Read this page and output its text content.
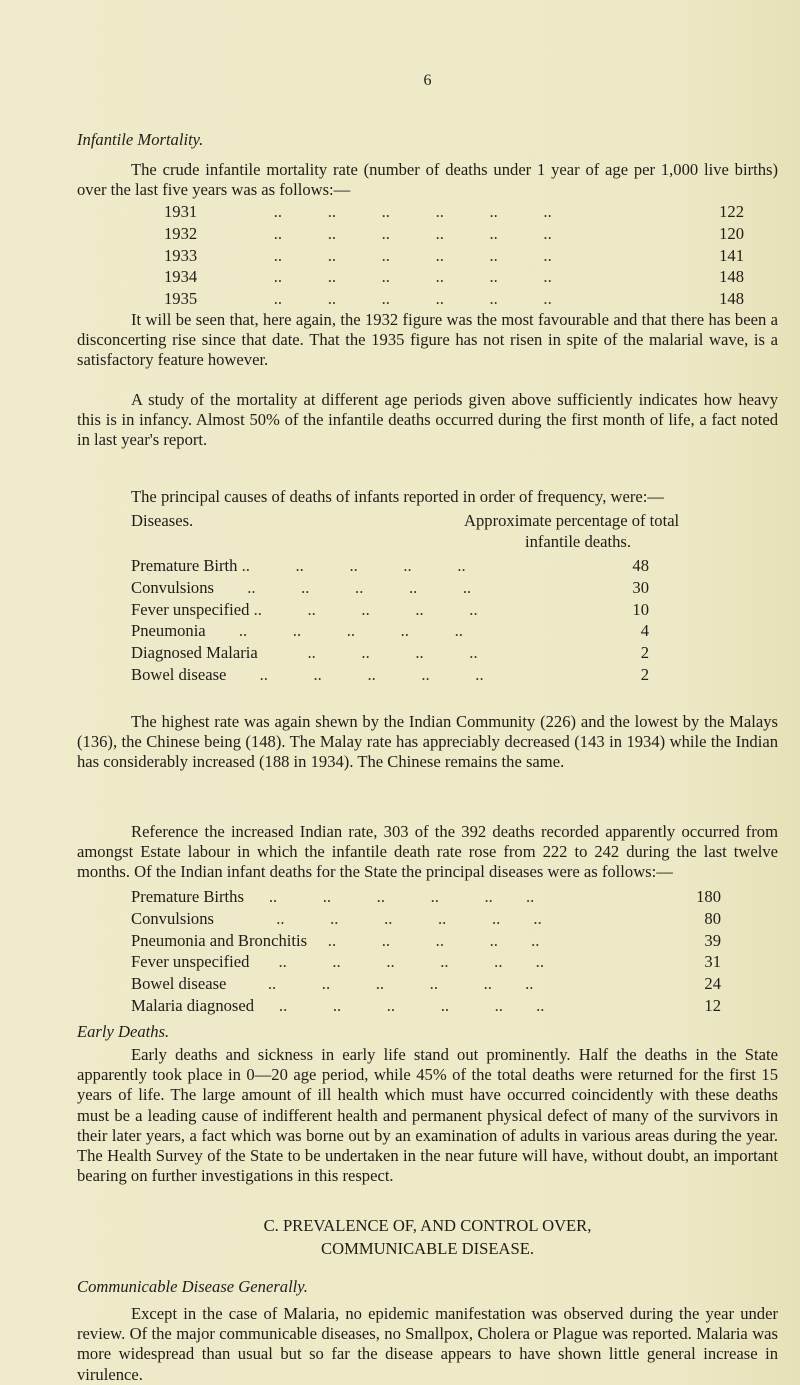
6
Infantile Mortality.

The crude infantile mortality rate (number of deaths under 1 year of age per 1,000 live births) over the last five years was as follows:—

1931	..           ..           ..           ..           ..           ..	122
1932	..           ..           ..           ..           ..           ..	120
1933	..           ..           ..           ..           ..           ..	141
1934	..           ..           ..           ..           ..           ..	148
1935	..           ..           ..           ..           ..           ..	148

It will be seen that, here again, the 1932 figure was the most favourable and that there has been a disconcerting rise since that date. That the 1935 figure has not risen in spite of the malarial wave, is a satisfactory feature however.

A study of the mortality at different age periods given above sufficiently indicates how heavy this is in infancy. Almost 50% of the infantile deaths occurred during the first month of life, a fact noted in last year's report.

The principal causes of deaths of infants reported in order of frequency, were:—

Diseases.	Approximate percentage of total
infantile deaths.
Premature Birth ..           ..           ..           ..           ..	48
Convulsions ..           ..           ..           ..           ..	30
Fever unspecified ..           ..           ..           ..           ..	10
Pneumonia ..           ..           ..           ..           ..	4
Diagnosed Malaria ..           ..           ..           ..	2
Bowel disease ..           ..           ..           ..           ..	2

The highest rate was again shewn by the Indian Community (226) and the lowest by the Malays (136), the Chinese being (148). The Malay rate has appreciably decreased (143 in 1934) while the Indian has considerably increased (188 in 1934). The Chinese remains the same.

Reference the increased Indian rate, 303 of the 392 deaths recorded apparently occurred from amongst Estate labour in which the infantile death rate rose from 222 to 242 during the last twelve months. Of the Indian infant deaths for the State the principal diseases were as follows:—

Premature Births ..           ..           ..           ..           ..        ..	180
Convulsions ..           ..           ..           ..           ..        ..	80
Pneumonia and Bronchitis ..           ..           ..           ..        ..	39
Fever unspecified ..           ..           ..           ..           ..        ..	31
Bowel disease ..           ..           ..           ..           ..        ..	24
Malaria diagnosed ..           ..           ..           ..           ..        ..	12
Early Deaths.

Early deaths and sickness in early life stand out prominently. Half the deaths in the State apparently took place in 0—20 age period, while 45% of the total deaths were returned for the first 15 years of life. The large amount of ill health which must have occurred coincidently with these deaths must be a leading cause of indifferent health and permanent physical defect of many of the survivors in their later years, a fact which was borne out by an examination of adults in various areas during the year. The Health Survey of the State to be undertaken in the near future will have, without doubt, an important bearing on further investigations in this respect.

C. PREVALENCE OF, AND CONTROL OVER,
COMMUNICABLE DISEASE.
Communicable Disease Generally.

Except in the case of Malaria, no epidemic manifestation was observed during the year under review. Of the major communicable diseases, no Smallpox, Cholera or Plague was reported. Malaria was more widespread than usual but so far the disease appears to have shown little general increase in virulence.
